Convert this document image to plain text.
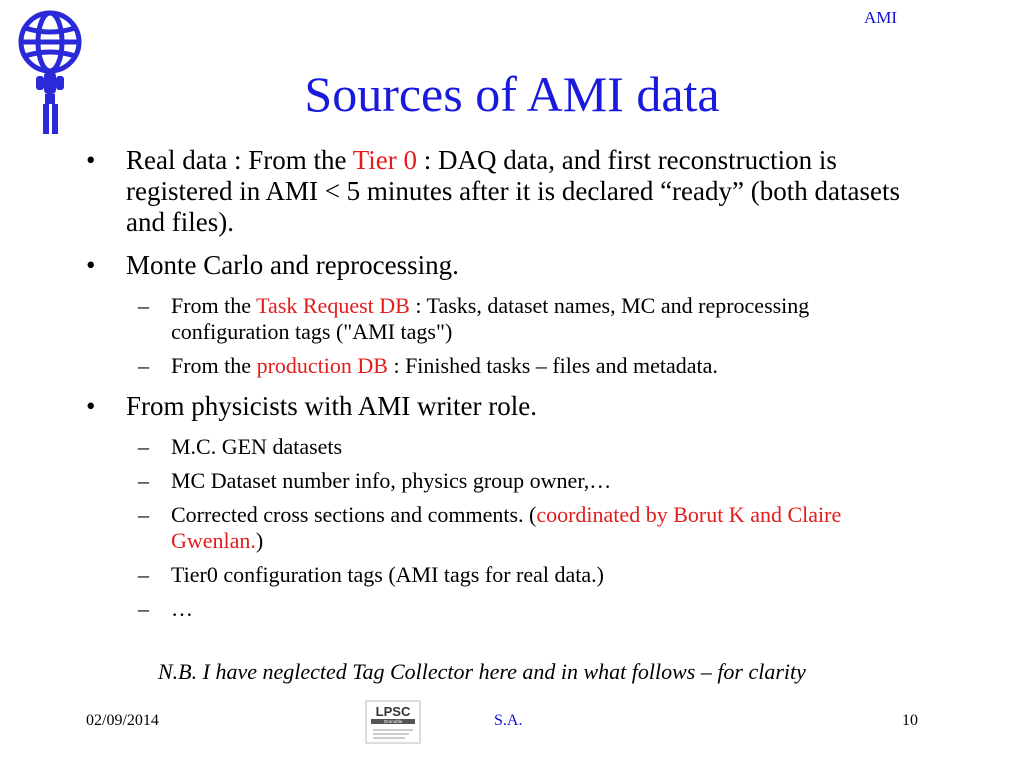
AMI
Sources of AMI data
• Real data : From the Tier 0 : DAQ data, and first reconstruction is registered in AMI < 5 minutes after it is declared “ready” (both datasets and files).
• Monte Carlo and reprocessing.
– From the Task Request DB : Tasks, dataset names, MC and reprocessing configuration tags ("AMI tags")
– From the production DB : Finished tasks – files and metadata.
• From physicists with AMI writer role.
– M.C. GEN datasets
– MC Dataset number info, physics group owner,…
– Corrected cross sections and comments. (coordinated by Borut K and Claire Gwenlan.)
– Tier0 configuration tags (AMI tags for real data.)
– …
N.B. I have neglected Tag Collector here and in what follows – for clarity
02/09/2014
LPSC
Grenoble	S.A.	10
